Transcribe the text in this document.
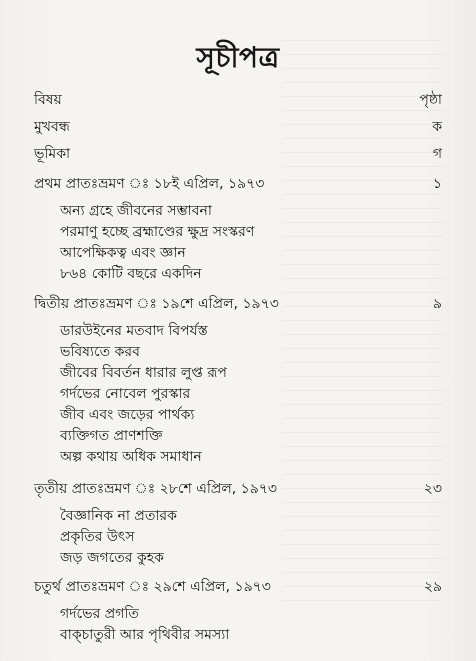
সূচীপত্র
বিষয়	পৃষ্ঠা
মুখবন্ধ	ক
ভূমিকা	গ
প্রথম প্রাতঃভ্রমণ ঃ ১৮ই এপ্রিল, ১৯৭৩	১
অন্য গ্রহে জীবনের সম্ভাবনা
পরমাণু হচ্ছে ব্রহ্মাণ্ডের ক্ষুদ্র সংস্করণ
আপেক্ষিকত্ব এবং জ্ঞান
৮৬৪ কোটি বছরে একদিন
দ্বিতীয় প্রাতঃভ্রমণ ঃ ১৯শে এপ্রিল, ১৯৭৩	৯
ডারউইনের মতবাদ বিপর্যস্ত
ভবিষ্যতে করব
জীবের বিবর্তন ধারার লুপ্ত রূপ
গর্দভের নোবেল পুরস্কার
জীব এবং জড়ের পার্থক্য
ব্যক্তিগত প্রাণশক্তি
অল্প কথায় অধিক সমাধান
তৃতীয় প্রাতঃভ্রমণ ঃ ২৮শে এপ্রিল, ১৯৭৩	২৩
বৈজ্ঞানিক না প্রতারক
প্রকৃতির উৎস
জড় জগতের কুহক
চতুর্থ প্রাতঃভ্রমণ ঃ ২৯শে এপ্রিল, ১৯৭৩	২৯
গর্দভের প্রগতি
বাক্চাতুরী আর পৃথিবীর সমস্যা
